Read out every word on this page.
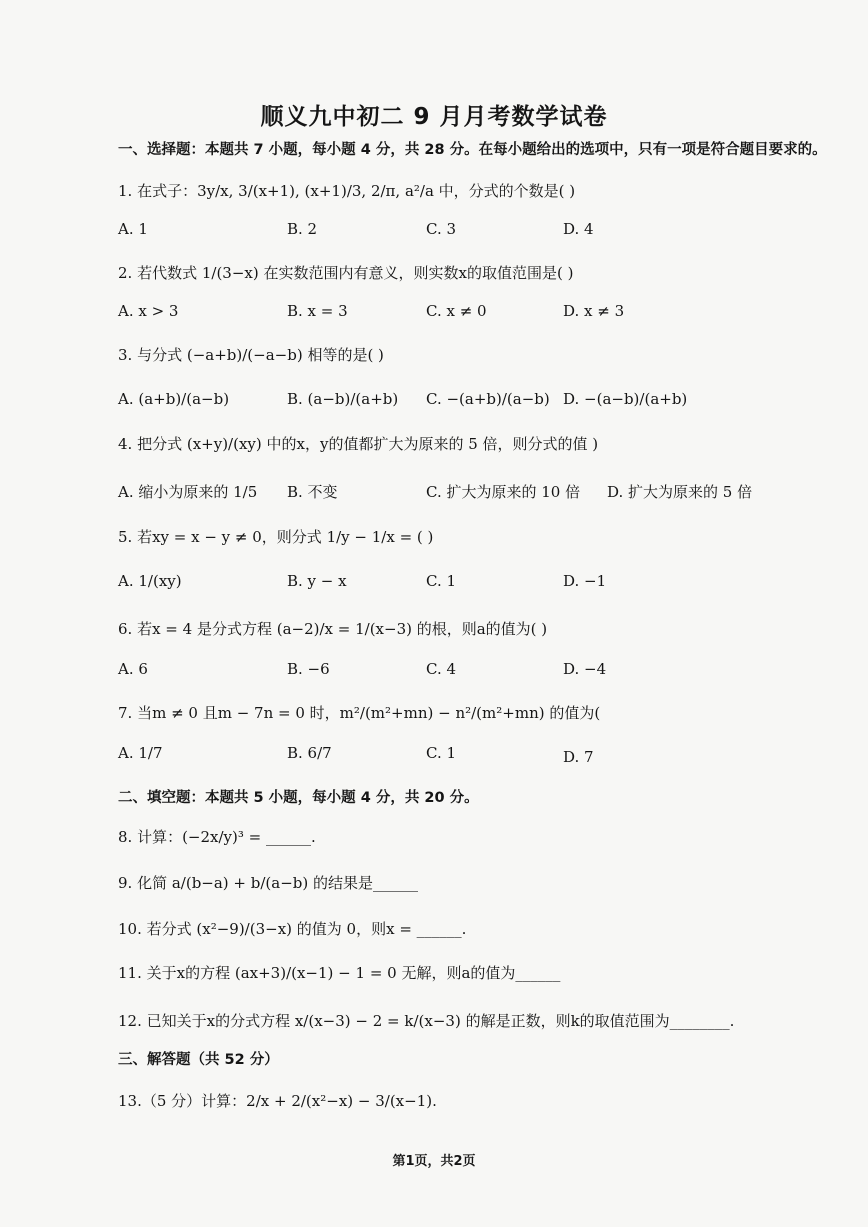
顺义九中初二 9 月月考数学试卷
一、选择题：本题共 7 小题，每小题 4 分，共 28 分。在每小题给出的选项中，只有一项是符合题目要求的。
1. 在式子：3y/x, 3/(x+1), (x+1)/3, 2/π, a²/a 中，分式的个数是( )
A. 1	B. 2	C. 3	D. 4
2. 若代数式 1/(3−x) 在实数范围内有意义，则实数x的取值范围是( )
A. x > 3	B. x = 3	C. x ≠ 0	D. x ≠ 3
3. 与分式 (−a+b)/(−a−b) 相等的是( )
A. (a+b)/(a−b)	B. (a−b)/(a+b) C. −(a+b)/(a−b) D. −(a−b)/(a+b)
4. 把分式 (x+y)/(xy) 中的x，y的值都扩大为原来的 5 倍，则分式的值 )
A. 缩小为原来的 1/5 B. 不变	C. 扩大为原来的 10 倍 D. 扩大为原来的 5 倍
5. 若xy = x − y ≠ 0，则分式 1/y − 1/x = ( )
A. 1/(xy)	B. y − x	C. 1	D. −1
6. 若x = 4 是分式方程 (a−2)/x = 1/(x−3) 的根，则a的值为( )
A. 6	B. −6	C. 4	D. −4
7. 当m ≠ 0 且m − 7n = 0 时，m²/(m²+mn) − n²/(m²+mn) 的值为(
A. 1/7	B. 6/7	C. 1	D. 7
二、填空题：本题共 5 小题，每小题 4 分，共 20 分。
8. 计算：(−2x/y)³ = ______.
9. 化简 a/(b−a) + b/(a−b) 的结果是______
10. 若分式 (x²−9)/(3−x) 的值为 0，则x = ______.
11. 关于x的方程 (ax+3)/(x−1) − 1 = 0 无解，则a的值为______
12. 已知关于x的分式方程 x/(x−3) − 2 = k/(x−3) 的解是正数，则k的取值范围为________.
三、解答题（共 52 分）
13.（5 分）计算：2/x + 2/(x²−x) − 3/(x−1).
第1页，共2页
